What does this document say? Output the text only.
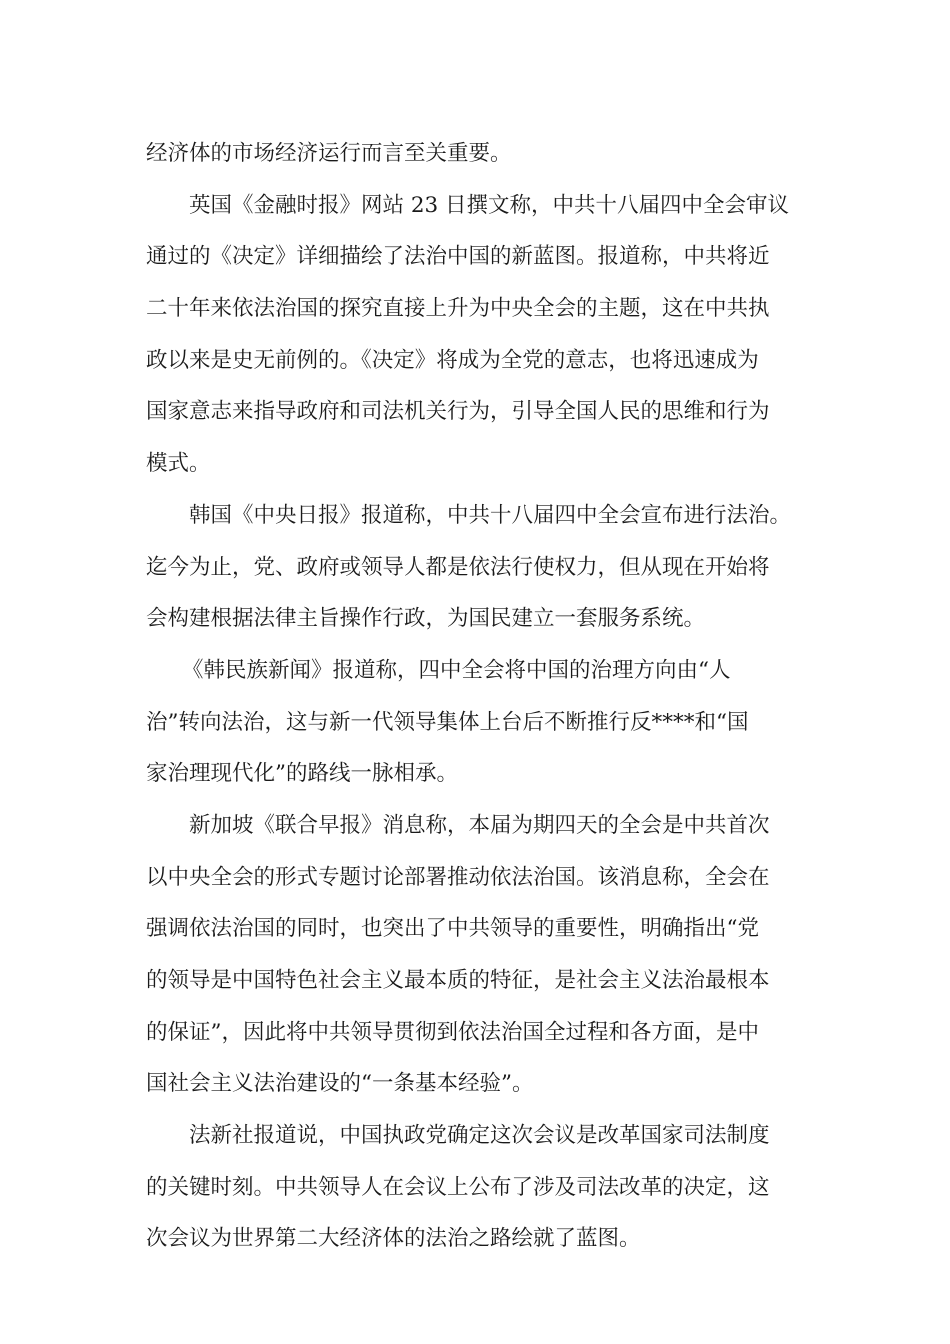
经济体的市场经济运行而言至关重要。
英国《金融时报》网站 23 日撰文称，中共十八届四中全会审议
通过的《决定》详细描绘了法治中国的新蓝图。报道称，中共将近
二十年来依法治国的探究直接上升为中央全会的主题，这在中共执
政以来是史无前例的。《决定》将成为全党的意志，也将迅速成为
国家意志来指导政府和司法机关行为，引导全国人民的思维和行为
模式。
韩国《中央日报》报道称，中共十八届四中全会宣布进行法治。
迄今为止，党、政府或领导人都是依法行使权力，但从现在开始将
会构建根据法律主旨操作行政，为国民建立一套服务系统。
《韩民族新闻》报道称，四中全会将中国的治理方向由“人
治”转向法治，这与新一代领导集体上台后不断推行反****和“国
家治理现代化”的路线一脉相承。
新加坡《联合早报》消息称，本届为期四天的全会是中共首次
以中央全会的形式专题讨论部署推动依法治国。该消息称，全会在
强调依法治国的同时，也突出了中共领导的重要性，明确指出“党
的领导是中国特色社会主义最本质的特征，是社会主义法治最根本
的保证”，因此将中共领导贯彻到依法治国全过程和各方面，是中
国社会主义法治建设的“一条基本经验”。
法新社报道说，中国执政党确定这次会议是改革国家司法制度
的关键时刻。中共领导人在会议上公布了涉及司法改革的决定，这
次会议为世界第二大经济体的法治之路绘就了蓝图。
